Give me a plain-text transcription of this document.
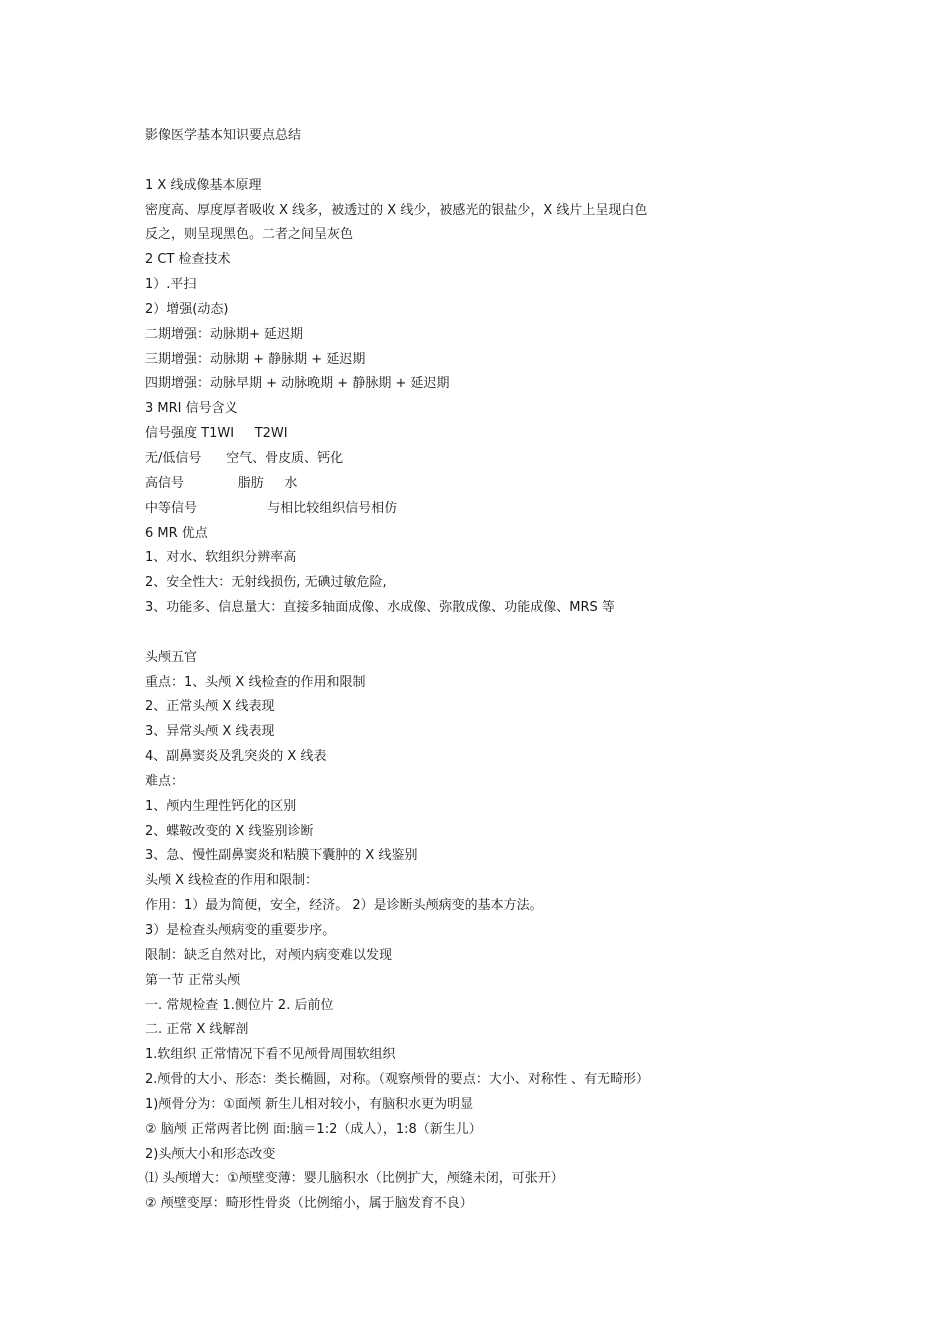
影像医学基本知识要点总结
1 X 线成像基本原理
密度高、厚度厚者吸收 X 线多，被透过的 X 线少，被感光的银盐少，X 线片上呈现白色
反之，则呈现黑色。二者之间呈灰色
2 CT 检查技术
1）.平扫
2）增强(动态)
二期增强：动脉期+ 延迟期
三期增强：动脉期 + 静脉期 + 延迟期
四期增强：动脉早期 + 动脉晚期 + 静脉期 + 延迟期
3 MRI 信号含义
信号强度 T1WI     T2WI
无/低信号      空气、骨皮质、钙化
高信号             脂肪     水
中等信号                 与相比较组织信号相仿
6 MR 优点
1、对水、软组织分辨率高
2、安全性大：无射线损伤, 无碘过敏危险,
3、功能多、信息量大：直接多轴面成像、水成像、弥散成像、功能成像、MRS 等
头颅五官
重点：1、头颅 X 线检查的作用和限制
2、正常头颅 X 线表现
3、异常头颅 X 线表现
4、副鼻窦炎及乳突炎的 X 线表
难点：
1、颅内生理性钙化的区别
2、蝶鞍改变的 X 线鉴别诊断
3、急、慢性副鼻窦炎和粘膜下囊肿的 X 线鉴别
头颅 X 线检查的作用和限制：
作用：1）最为简便，安全，经济。 2）是诊断头颅病变的基本方法。
3）是检查头颅病变的重要步序。
限制：缺乏自然对比，对颅内病变难以发现
第一节 正常头颅
一. 常规检查 1.侧位片 2. 后前位
二. 正常 X 线解剖
1.软组织 正常情况下看不见颅骨周围软组织
2.颅骨的大小、形态：类长椭圆，对称。（观察颅骨的要点：大小、对称性 、有无畸形）
1)颅骨分为：①面颅 新生儿相对较小，有脑积水更为明显
② 脑颅 正常两者比例 面:脑＝1:2（成人），1:8（新生儿）
2)头颅大小和形态改变
⑴ 头颅增大：①颅壁变薄：婴儿脑积水（比例扩大，颅缝未闭，可张开）
② 颅壁变厚：畸形性骨炎（比例缩小，属于脑发育不良）
